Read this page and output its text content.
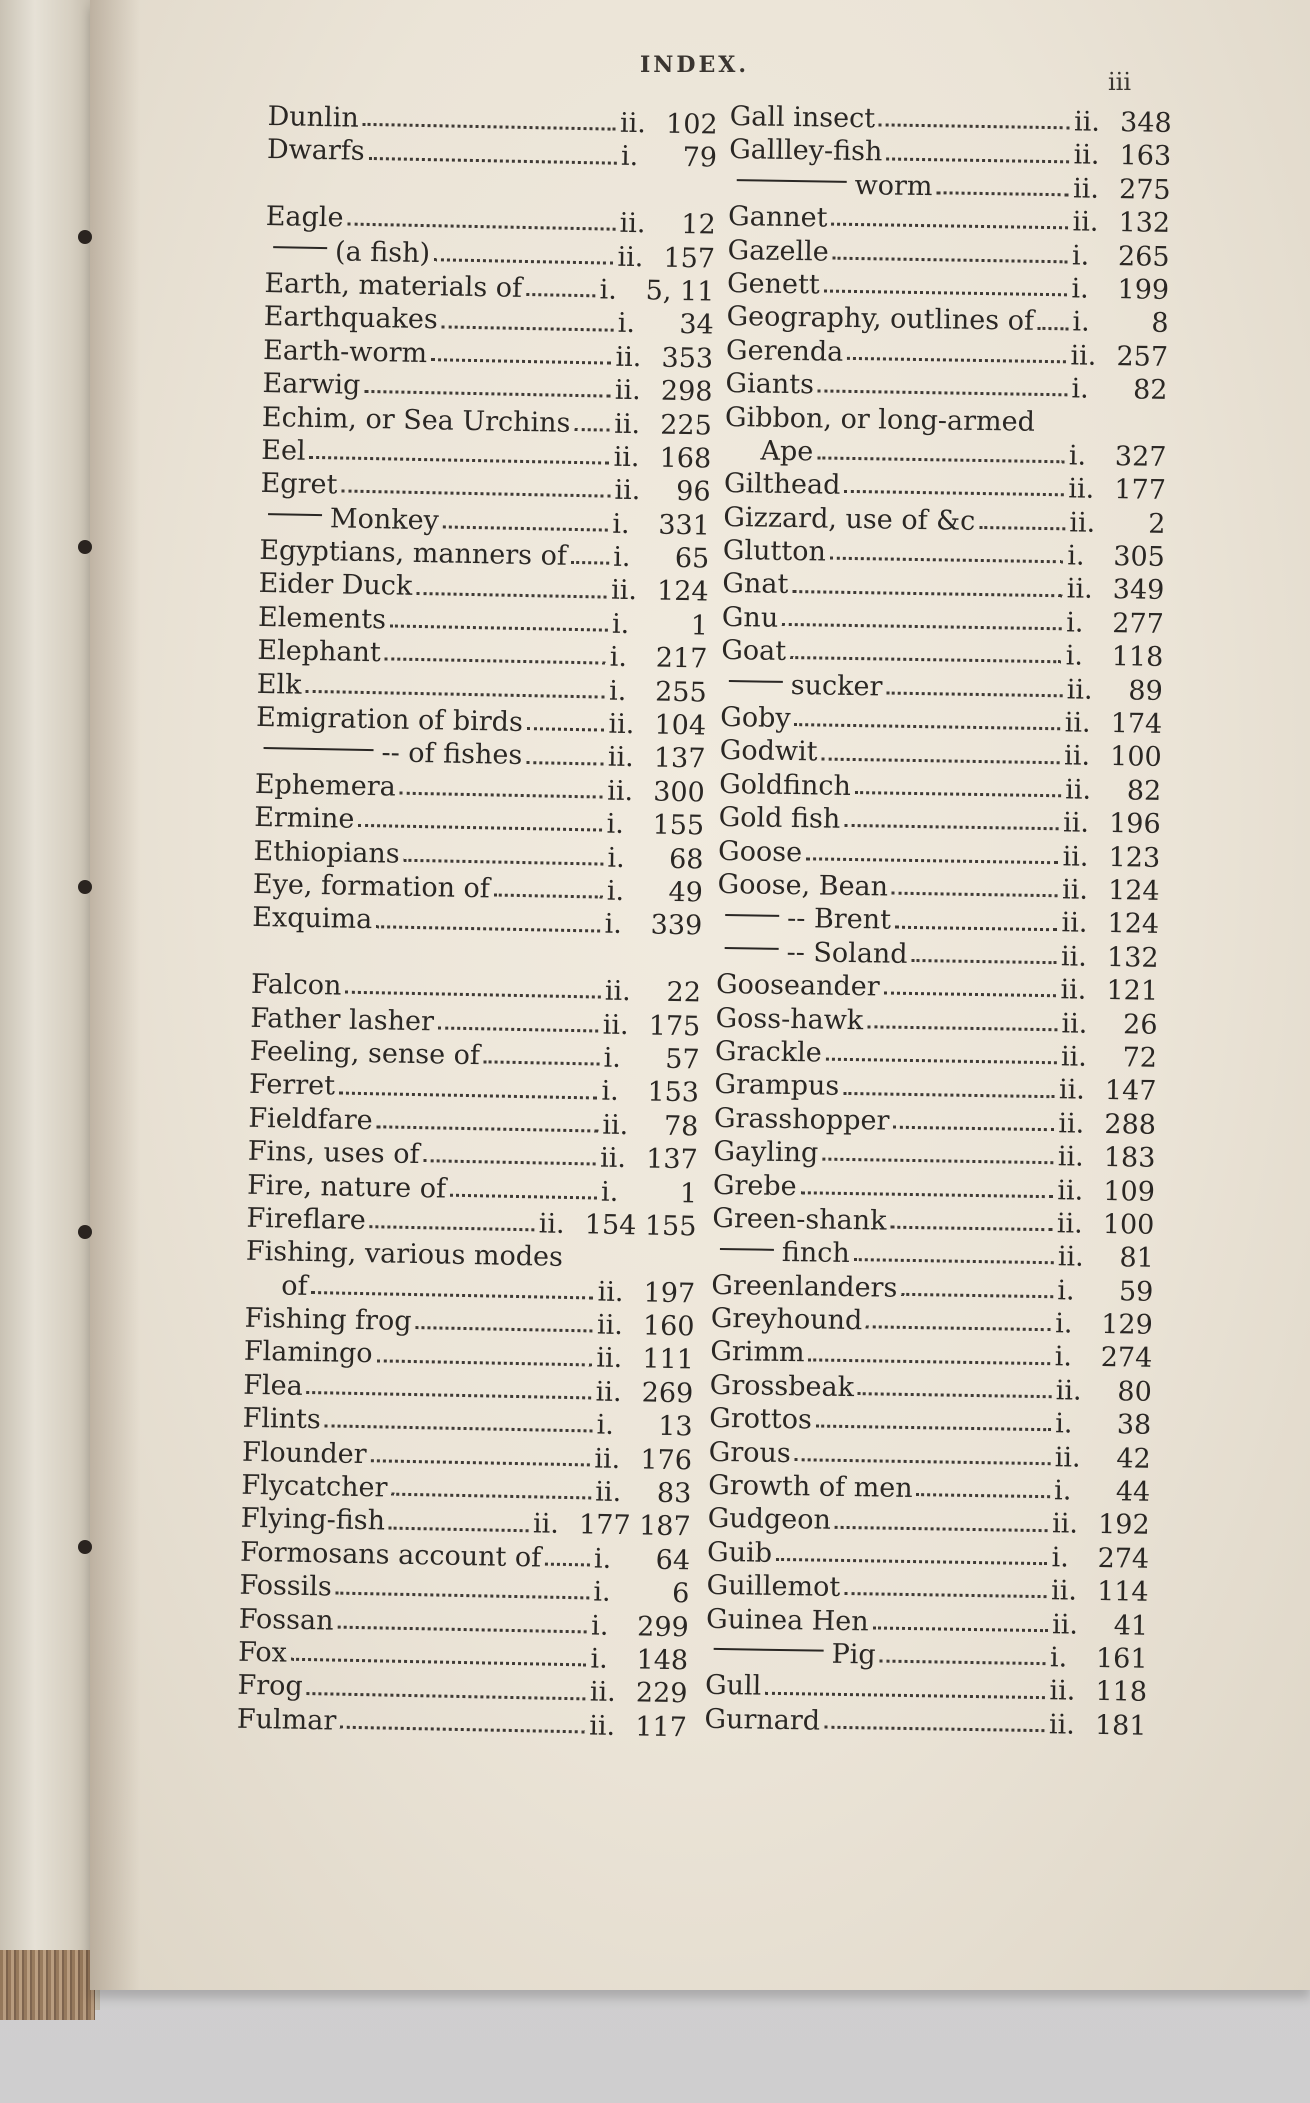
INDEX.
iii
Dunlin	ii. 102
Dwarfs	i.	79
Eagle	ii.	12
(a fish)	ii. 157
Earth, materials of	i.	5, 11
Earthquakes	i.	34
Earth-worm	ii. 353
Earwig	ii. 298
Echim, or Sea Urchins ii. 225
Eel	ii. 168
Egret	ii.	96
Monkey	i.	331
Egyptians, manners of i.	65
Eider Duck	ii. 124
Elements	i.	1
Elephant	i.	217
Elk	i.	255
Emigration of birds	ii. 104
-- of fishes	ii. 137
Ephemera	ii. 300
Ermine	i.	155
Ethiopians	i.	68
Eye, formation of	i.	49
Exquima	i.	339
Falcon	ii.	22
Father lasher	ii. 175
Feeling, sense of	i.	57
Ferret	i.	153
Fieldfare	ii.	78
Fins, uses of	ii. 137
Fire, nature of	i.	1
Fireflare	ii. 154 155
Fishing, various modes
of	ii. 197
Fishing frog	ii. 160
Flamingo	ii. 111
Flea	ii. 269
Flints	i.	13
Flounder	ii. 176
Flycatcher	ii.	83
Flying-fish	ii. 177 187
Formosans account of i.	64
Fossils	i.	6
Fossan	i.	299
Fox	i.	148
Frog	ii. 229
Fulmar	ii. 117
Gall insect	ii. 348
Gallley-fish	ii. 163
worm	ii. 275
Gannet	ii. 132
Gazelle	i.	265
Genett	i.	199
Geography, outlines of i.	8
Gerenda	ii. 257
Giants	i.	82
Gibbon, or long-armed
Ape	i.	327
Gilthead	ii. 177
Gizzard, use of &c	ii.	2
Glutton	i.	305
Gnat	ii. 349
Gnu	i.	277
Goat	i.	118
sucker	ii.	89
Goby	ii. 174
Godwit	ii. 100
Goldfinch	ii.	82
Gold fish	ii. 196
Goose	ii. 123
Goose, Bean	ii. 124
-- Brent	ii. 124
-- Soland	ii. 132
Gooseander	ii. 121
Goss-hawk	ii.	26
Grackle	ii.	72
Grampus	ii. 147
Grasshopper	ii. 288
Gayling	ii. 183
Grebe	ii. 109
Green-shank	ii. 100
finch	ii.	81
Greenlanders	i.	59
Greyhound	i.	129
Grimm	i.	274
Grossbeak	ii.	80
Grottos	i.	38
Grous	ii.	42
Growth of men	i.	44
Gudgeon	ii. 192
Guib	i.	274
Guillemot	ii. 114
Guinea Hen	ii.	41
Pig	i.	161
Gull	ii. 118
Gurnard	ii. 181
